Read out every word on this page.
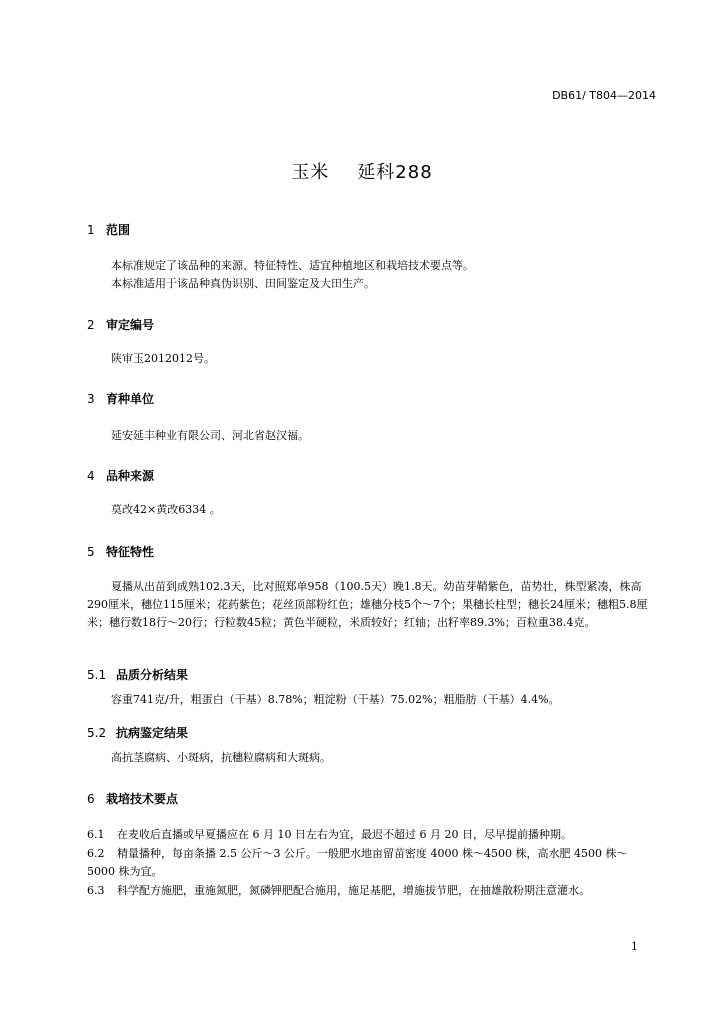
DB61/ T804—2014
玉米 延科288
1 范围
本标准规定了该品种的来源、特征特性、适宜种植地区和栽培技术要点等。
本标准适用于该品种真伪识别、田间鉴定及大田生产。
2 审定编号
陕审玉2012012号。
3 育种单位
延安延丰种业有限公司、河北省赵汉福。
4 品种来源
莫改42×黄改6334 。
5 特征特性
夏播从出苗到成熟102.3天，比对照郑单958（100.5天）晚1.8天。幼苗芽鞘紫色，苗势壮，株型紧凑，株高290厘米，穗位115厘米；花药紫色；花丝顶部粉红色；雄穗分枝5个～7个；果穗长柱型；穗长24厘米；穗粗5.8厘米；穗行数18行～20行；行粒数45粒；黄色半硬粒，米质较好；红轴；出籽率89.3%；百粒重38.4克。
5.1 品质分析结果
容重741克/升，粗蛋白（干基）8.78%；粗淀粉（干基）75.02%；粗脂肪（干基）4.4%。
5.2 抗病鉴定结果
高抗茎腐病、小斑病，抗穗粒腐病和大斑病。
6 栽培技术要点
6.1 在麦收后直播或早夏播应在 6 月 10 日左右为宜，最迟不超过 6 月 20 日，尽早提前播种期。
6.2 精量播种，每亩条播 2.5 公斤～3 公斤。一般肥水地亩留苗密度 4000 株～4500 株，高水肥 4500 株～5000 株为宜。
6.3 科学配方施肥，重施氮肥，氮磷钾肥配合施用，施足基肥，增施拔节肥，在抽雄散粉期注意灌水。
1
